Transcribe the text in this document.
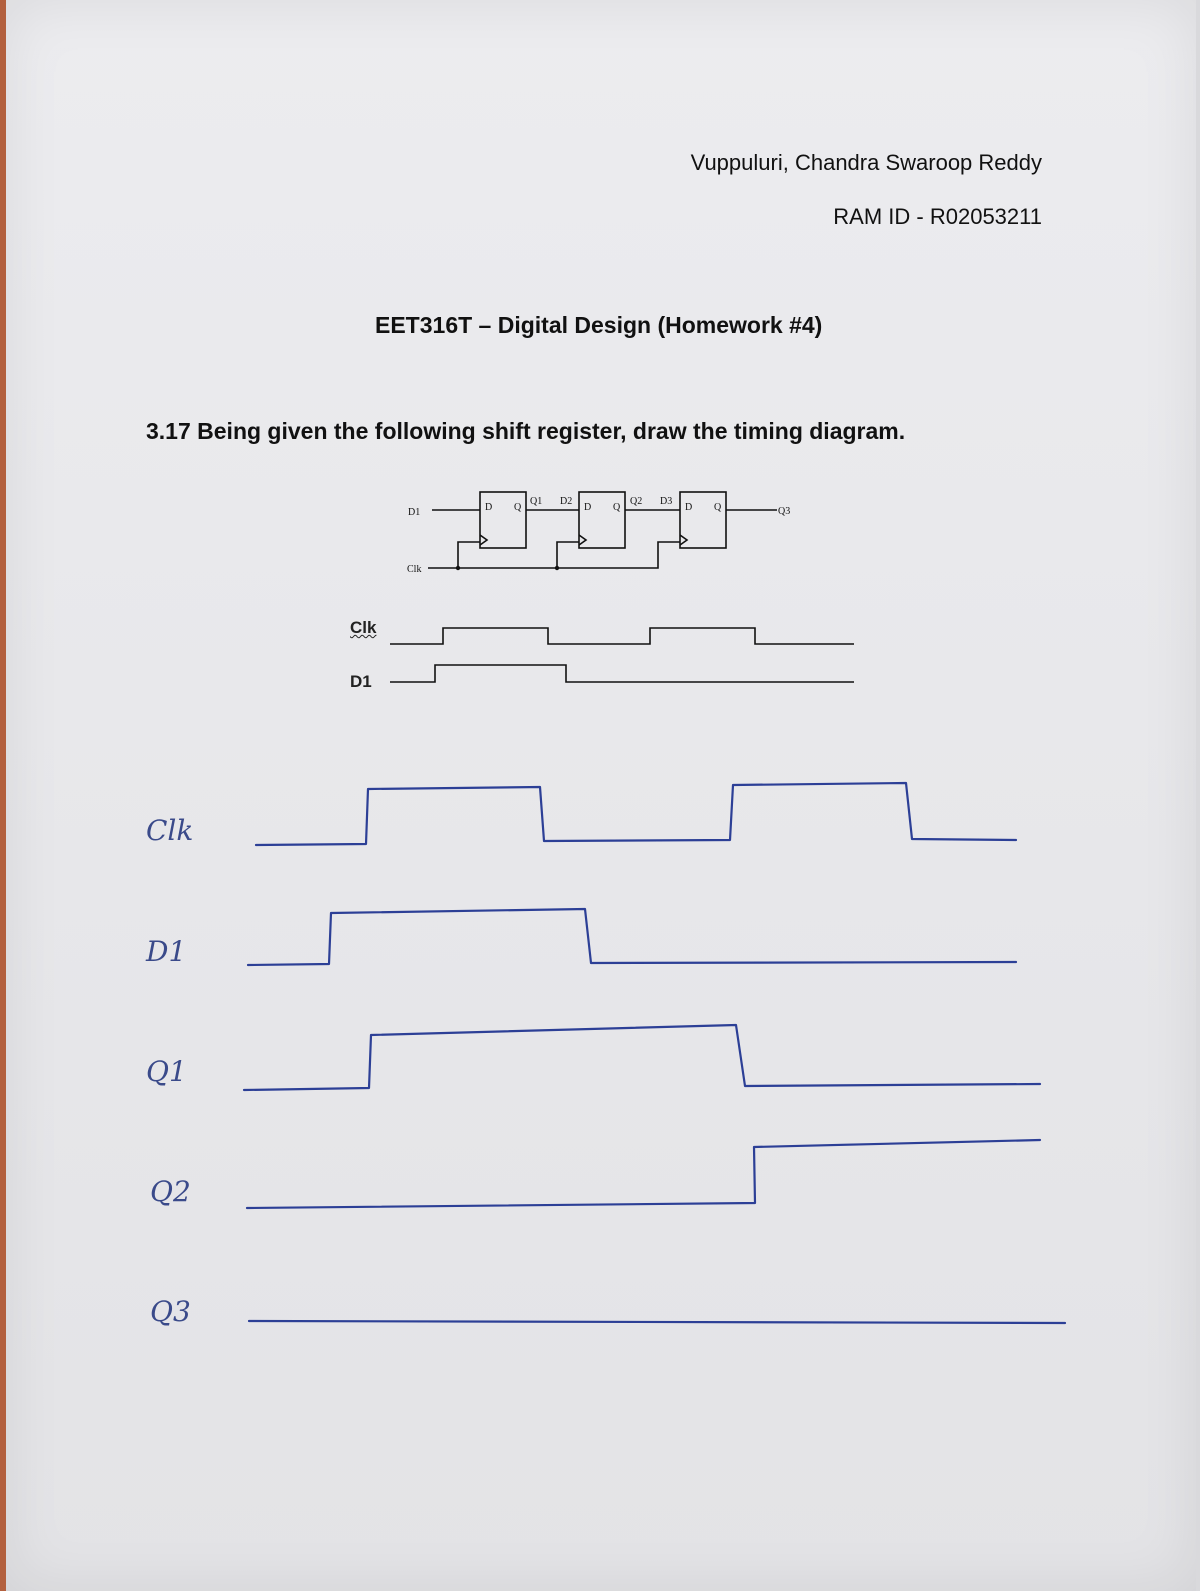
Vuppuluri, Chandra Swaroop Reddy

RAM ID - R02053211

EET316T – Digital Design (Homework #4)

3.17 Being given the following shift register, draw the timing diagram.

D1
Clk
Q3
D Q	D Q	D Q
Q1 D2	Q2 D3
Clk
D1
Clk
D1
Q1
Q2
Q3
